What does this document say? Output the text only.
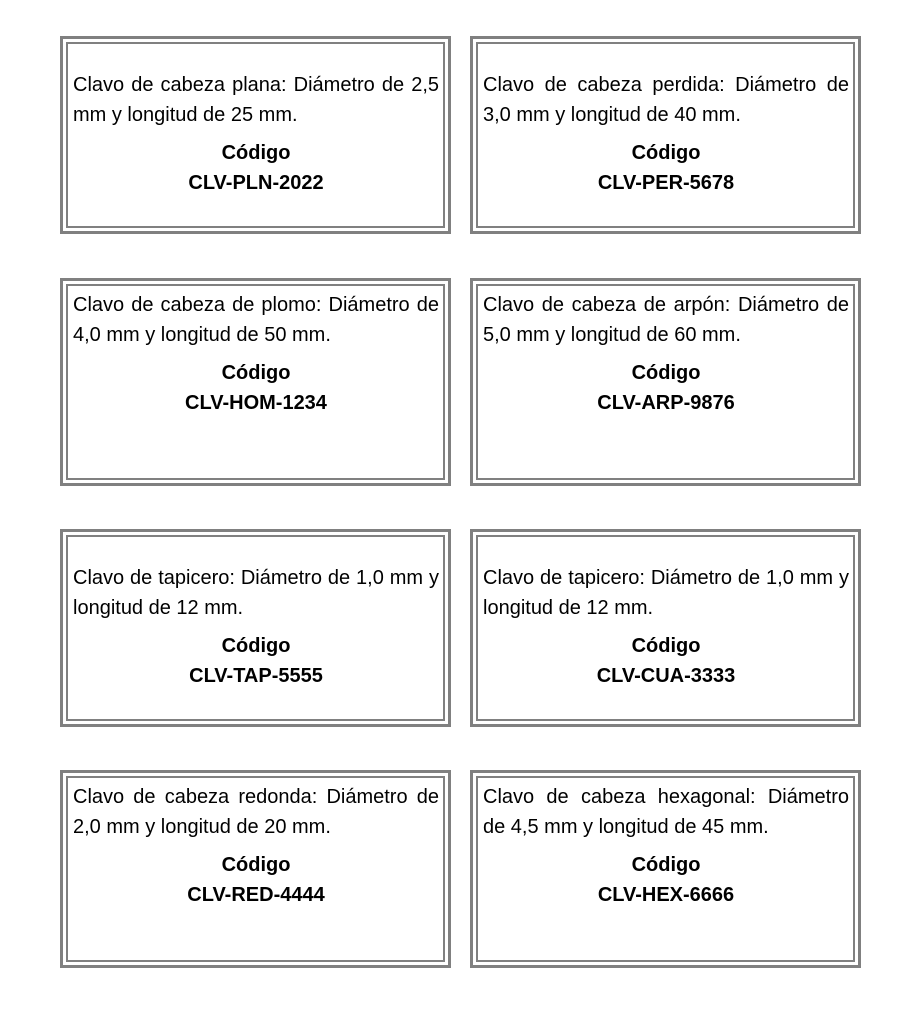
Clavo de cabeza plana: Diámetro de 2,5 mm y longitud de 25 mm.

Código

CLV-PLN-2022

Clavo de cabeza perdida: Diámetro de 3,0 mm y longitud de 40 mm.

Código

CLV-PER-5678

Clavo de cabeza de plomo: Diámetro de 4,0 mm y longitud de 50 mm.

Código

CLV-HOM-1234

Clavo de cabeza de arpón: Diámetro de 5,0 mm y longitud de 60 mm.

Código

CLV-ARP-9876

Clavo de tapicero: Diámetro de 1,0 mm y longitud de 12 mm.

Código

CLV-TAP-5555

Clavo de tapicero: Diámetro de 1,0 mm y longitud de 12 mm.

Código

CLV-CUA-3333

Clavo de cabeza redonda: Diámetro de 2,0 mm y longitud de 20 mm.

Código

CLV-RED-4444

Clavo de cabeza hexagonal: Diámetro de 4,5 mm y longitud de 45 mm.

Código

CLV-HEX-6666
